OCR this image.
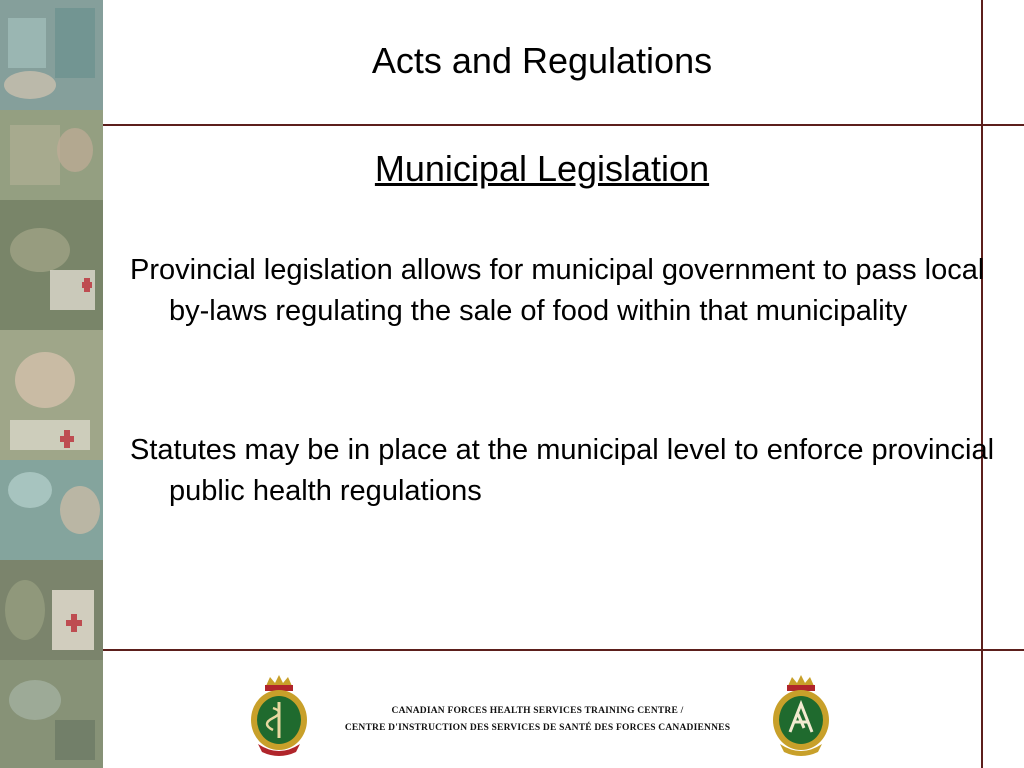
Acts and Regulations
Municipal Legislation
Provincial legislation allows for municipal government to pass local by-laws regulating the sale of food within that municipality
Statutes may be in place at the municipal level to enforce provincial public health regulations
CANADIAN FORCES HEALTH SERVICES TRAINING CENTRE /
CENTRE D'INSTRUCTION DES SERVICES DE SANTÉ DES FORCES CANADIENNES
